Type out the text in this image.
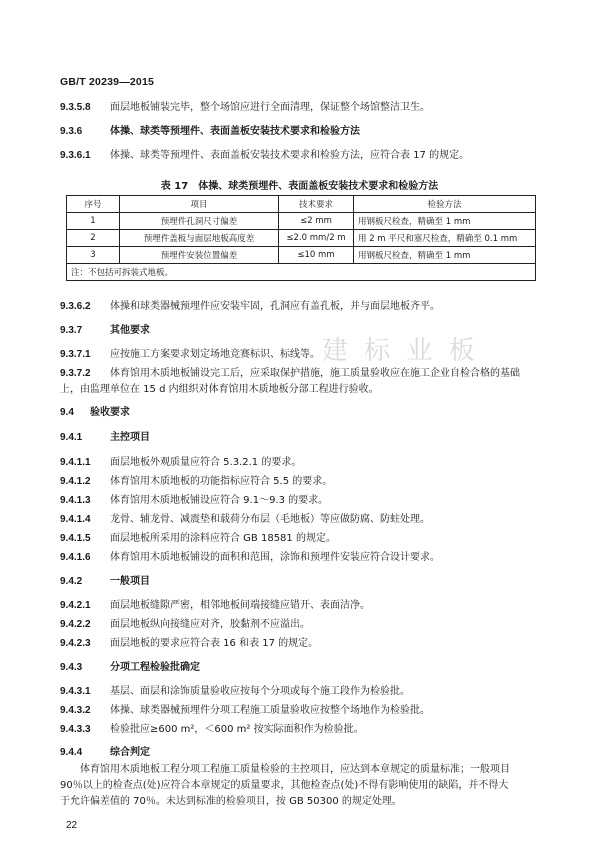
GB/T 20239—2015
建 标 业 板
9.3.5.8 面层地板铺装完毕，整个场馆应进行全面清理，保证整个场馆整洁卫生。
9.3.6	体操、球类等预埋件、表面盖板安装技术要求和检验方法
9.3.6.1 体操、球类等预埋件、表面盖板安装技术要求和检验方法，应符合表 17 的规定。
表 17　体操、球类预埋件、表面盖板安装技术要求和检验方法
序号	项目	技术要求	检验方法
1	预埋件孔洞尺寸偏差	≤2 mm	用钢板尺检查，精确至 1 mm
2	预埋件盖板与面层地板高度差	≤2.0 mm/2 m	用 2 m 平尺和塞尺检查，精确至 0.1 mm
3	预埋件安装位置偏差	≤10 mm	用钢板尺检查，精确至 1 mm
注：不包括可拆装式地板。			
9.3.6.2 体操和球类器械预埋件应安装牢固，孔洞应有盖孔板，并与面层地板齐平。
9.3.7	其他要求
9.3.7.1 应按施工方案要求划定场地竞赛标识、标线等。
9.3.7.2 体育馆用木质地板铺设完工后，应采取保护措施，施工质量验收应在施工企业自检合格的基础
上，由监理单位在 15 d 内组织对体育馆用木质地板分部工程进行验收。
9.4 验收要求
9.4.1	主控项目
9.4.1.1 面层地板外观质量应符合 5.3.2.1 的要求。
9.4.1.2 体育馆用木质地板的功能指标应符合 5.5 的要求。
9.4.1.3 体育馆用木质地板铺设应符合 9.1～9.3 的要求。
9.4.1.4 龙骨、辅龙骨、减震垫和载荷分布层（毛地板）等应做防腐、防蛀处理。
9.4.1.5 面层地板所采用的涂料应符合 GB 18581 的规定。
9.4.1.6 体育馆用木质地板铺设的面积和范围，涂饰和预埋件安装应符合设计要求。
9.4.2	一般项目
9.4.2.1 面层地板缝隙严密，相邻地板间端接缝应错开、表面洁净。
9.4.2.2 面层地板纵向接缝应对齐，胶黏剂不应溢出。
9.4.2.3 面层地板的要求应符合表 16 和表 17 的规定。
9.4.3	分项工程检验批确定
9.4.3.1 基层、面层和涂饰质量验收应按每个分项或每个施工段作为检验批。
9.4.3.2 体操、球类器械预埋件分项工程施工质量验收应按整个场地作为检验批。
9.4.3.3 检验批应≥600 m²，＜600 m² 按实际面积作为检验批。
9.4.4	综合判定
体育馆用木质地板工程分项工程施工质量检验的主控项目，应达到本章规定的质量标准；一般项目
90％以上的检查点(处)应符合本章规定的质量要求，其他检查点(处)不得有影响使用的缺陷，并不得大
于允许偏差值的 70％。未达到标准的检验项目，按 GB 50300 的规定处理。
22
